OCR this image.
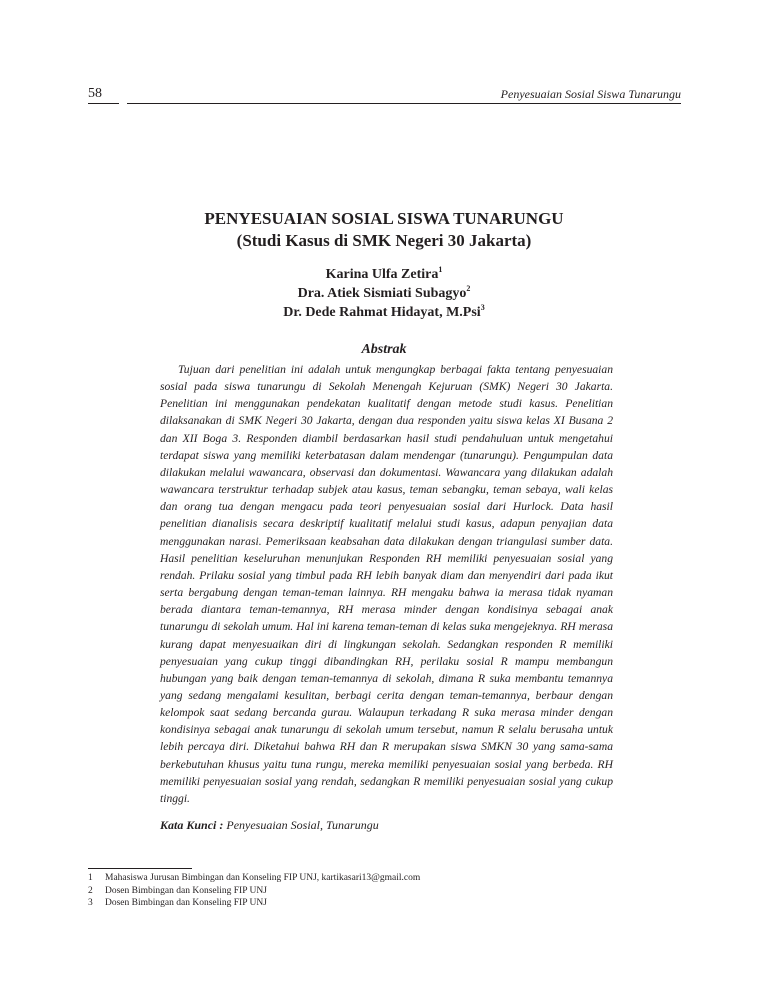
58	Penyesuaian Sosial Siswa Tunarungu

PENYESUAIAN SOSIAL SISWA TUNARUNGU

(Studi Kasus di SMK Negeri 30 Jakarta)

Karina Ulfa Zetira$^1$
Dra. Atiek Sismiati Subagyo$^2$
Dr. Dede Rahmat Hidayat, M.Psi$^3$
Abstrak

Tujuan dari penelitian ini adalah untuk mengungkap berbagai fakta tentang penyesuaian sosial pada siswa tunarungu di Sekolah Menengah Kejuruan (SMK) Negeri 30 Jakarta. Penelitian ini menggunakan pendekatan kualitatif dengan metode studi kasus. Penelitian dilaksanakan di SMK Negeri 30 Jakarta, dengan dua responden yaitu siswa kelas XI Busana 2 dan XII Boga 3. Responden diambil berdasarkan hasil studi pendahuluan untuk mengetahui terdapat siswa yang memiliki keterbatasan dalam mendengar (tunarungu). Pengumpulan data dilakukan melalui wawancara, observasi dan dokumentasi. Wawancara yang dilakukan adalah wawancara terstruktur terhadap subjek atau kasus, teman sebangku, teman sebaya, wali kelas dan orang tua dengan mengacu pada teori penyesuaian sosial dari Hurlock. Data hasil penelitian dianalisis secara deskriptif kualitatif melalui studi kasus, adapun penyajian data menggunakan narasi. Pemeriksaan keabsahan data dilakukan dengan triangulasi sumber data. Hasil penelitian keseluruhan menunjukan Responden RH memiliki penyesuaian sosial yang rendah. Prilaku sosial yang timbul pada RH lebih banyak diam dan menyendiri dari pada ikut serta bergabung dengan teman-teman lainnya. RH mengaku bahwa ia merasa tidak nyaman berada diantara teman-temannya, RH merasa minder dengan kondisinya sebagai anak tunarungu di sekolah umum. Hal ini karena teman-teman di kelas suka mengejeknya. RH merasa kurang dapat menyesuaikan diri di lingkungan sekolah. Sedangkan responden R memiliki penyesuaian yang cukup tinggi dibandingkan RH, perilaku sosial R mampu membangun hubungan yang baik dengan teman-temannya di sekolah, dimana R suka membantu temannya yang sedang mengalami kesulitan, berbagi cerita dengan teman-temannya, berbaur dengan kelompok saat sedang bercanda gurau. Walaupun terkadang R suka merasa minder dengan kondisinya sebagai anak tunarungu di sekolah umum tersebut, namun R selalu berusaha untuk lebih percaya diri. Diketahui bahwa RH dan R merupakan siswa SMKN 30 yang sama-sama berkebutuhan khusus yaitu tuna rungu, mereka memiliki penyesuaian sosial yang berbeda. RH memiliki penyesuaian sosial yang rendah, sedangkan R memiliki penyesuaian sosial yang cukup tinggi.

Kata Kunci : Penyesuaian Sosial, Tunarungu
1 Mahasiswa Jurusan Bimbingan dan Konseling FIP UNJ, kartikasari13@gmail.com
2 Dosen Bimbingan dan Konseling FIP UNJ
3 Dosen Bimbingan dan Konseling FIP UNJ
